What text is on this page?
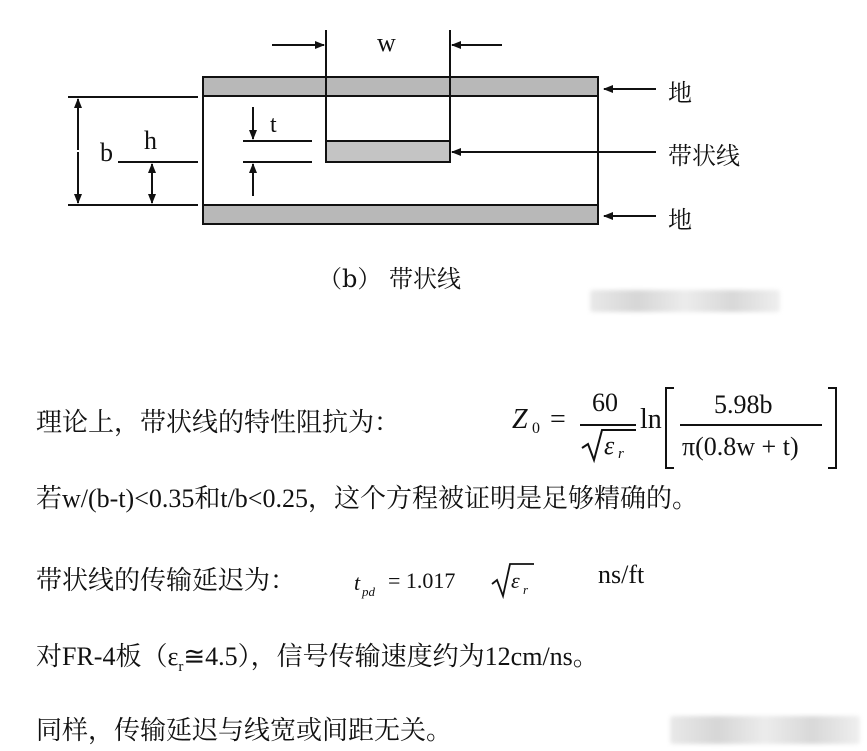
w
t
b h
地
带状线
地
（b） 带状线
理论上，带状线的特性阻抗为：	Z 0 =
60
ε r
ln 5.98b
π(0.8w + t)
若w/(b-t)<0.35和t/b<0.25，这个方程被证明是足够精确的。
带状线的传输延迟为：	t pd = 1.017	ε r
ns/ft
对FR-4板$(\varepsilon_r≅4.5)$，信号传输速度约为12cm/ns。
同样，传输延迟与线宽或间距无关。
